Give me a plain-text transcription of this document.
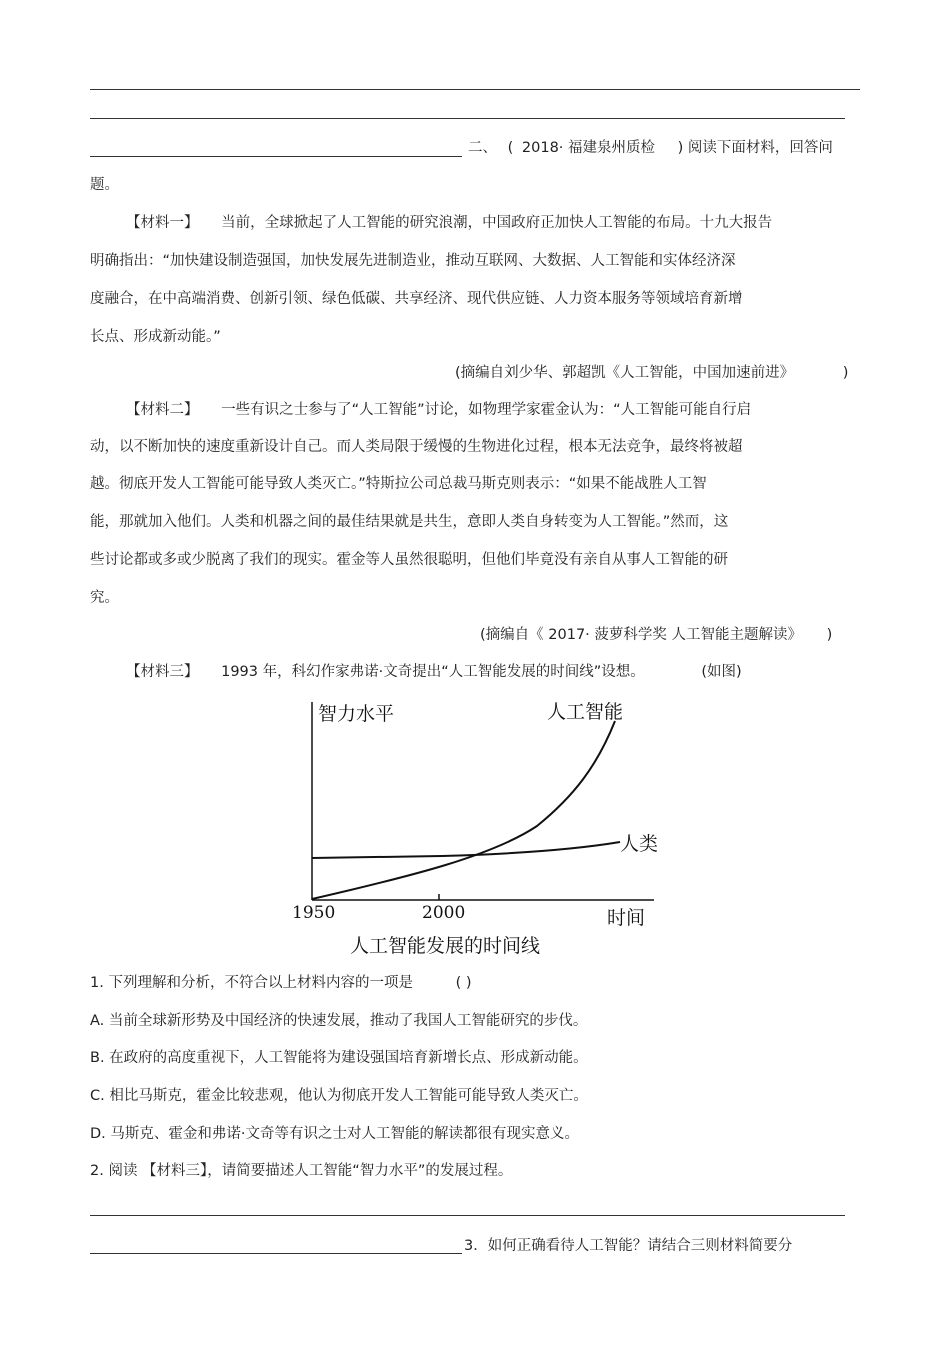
二、 ( 2018· 福建泉州质检 ) 阅读下面材料，回答问
题。
【材料一】 当前，全球掀起了人工智能的研究浪潮，中国政府正加快人工智能的布局。十九大报告
明确指出：“加快建设制造强国，加快发展先进制造业，推动互联网、大数据、人工智能和实体经济深
度融合，在中高端消费、创新引领、绿色低碳、共享经济、现代供应链、人力资本服务等领域培育新增
长点、形成新动能。”
(摘编自刘少华、郭超凯《人工智能，中国加速前进》	)
【材料二】 一些有识之士参与了“人工智能”讨论，如物理学家霍金认为：“人工智能可能自行启
动，以不断加快的速度重新设计自己。而人类局限于缓慢的生物进化过程，根本无法竞争，最终将被超
越。彻底开发人工智能可能导致人类灭亡。”特斯拉公司总裁马斯克则表示：“如果不能战胜人工智
能，那就加入他们。人类和机器之间的最佳结果就是共生，意即人类自身转变为人工智能。”然而，这
些讨论都或多或少脱离了我们的现实。霍金等人虽然很聪明，但他们毕竟没有亲自从事人工智能的研
究。
(摘编自《 2017· 菠萝科学奖 人工智能主题解读》 )
【材料三】 1993 年，科幻作家弗诺·文奇提出“人工智能发展的时间线”设想。	(如图)
智力水平	人工智能
人类
1950	2000	时间
人工智能发展的时间线
1. 下列理解和分析，不符合以上材料内容的一项是	( )
A. 当前全球新形势及中国经济的快速发展，推动了我国人工智能研究的步伐。
B. 在政府的高度重视下，人工智能将为建设强国培育新增长点、形成新动能。
C. 相比马斯克，霍金比较悲观，他认为彻底开发人工智能可能导致人类灭亡。
D. 马斯克、霍金和弗诺·文奇等有识之士对人工智能的解读都很有现实意义。
2. 阅读 【材料三】，请简要描述人工智能“智力水平”的发展过程。
3．如何正确看待人工智能？请结合三则材料简要分
